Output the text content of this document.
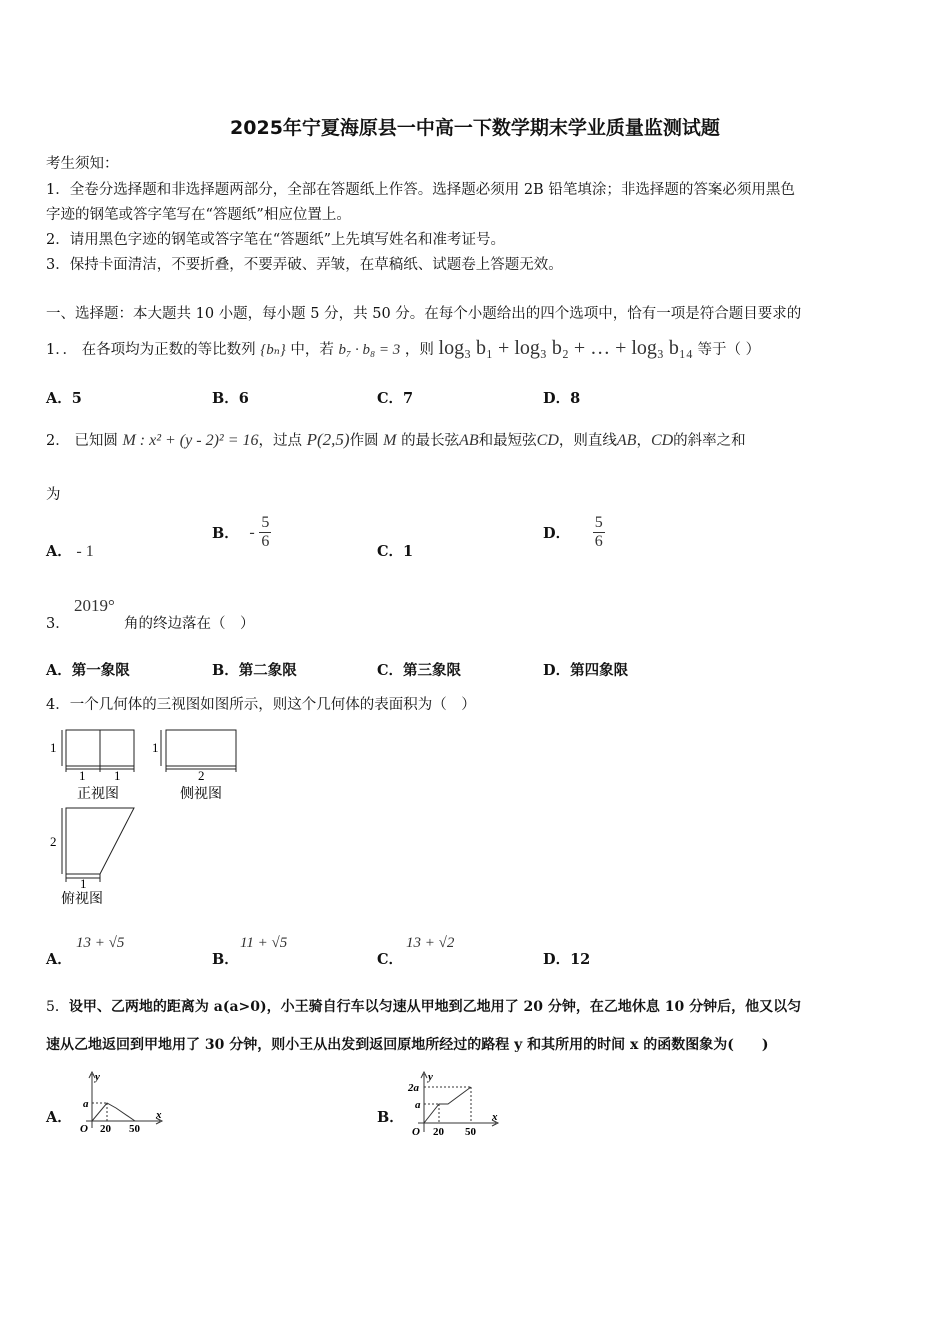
2025年宁夏海原县一中高一下数学期末学业质量监测试题
考生须知：
1．全卷分选择题和非选择题两部分，全部在答题纸上作答。选择题必须用 2B 铅笔填涂；非选择题的答案必须用黑色
字迹的钢笔或答字笔写在“答题纸”相应位置上。
2．请用黑色字迹的钢笔或答字笔在“答题纸”上先填写姓名和准考证号。
3．保持卡面清洁，不要折叠，不要弄破、弄皱，在草稿纸、试题卷上答题无效。
一、选择题：本大题共 10 小题，每小题 5 分，共 50 分。在每个小题给出的四个选项中，恰有一项是符合题目要求的
1．． 在各项均为正数的等比数列 {bₙ} 中，若 b₇ · b₈ = 3 ，则 log₃ b₁ + log₃ b₂ + … + log₃ b₁₄ 等于（ ）
A．5	B．6	C．7	D．8
2． 已知圆 M : x² + (y - 2)² = 16，过点 P(2,5)作圆 M 的最长弦AB和最短弦CD，则直线AB，CD的斜率之和
为
A． - 1
B． - $\frac{5}{6}$
C．1
D． $\frac{5}{6}$
3．
2019°
角的终边落在（　）
A．第一象限	B．第二象限	C．第三象限	D．第四象限
4．一个几何体的三视图如图所示，则这个几何体的表面积为（　）
1
1 1
正视图
1
2
侧视图
2
1
俯视图
A．
13 + √5
B．
11 + √5
C．
13 + √2
D．12
5．设甲、乙两地的距离为 a(a>0)，小王骑自行车以匀速从甲地到乙地用了 20 分钟，在乙地休息 10 分钟后，他又以匀
速从乙地返回到甲地用了 30 分钟，则小王从出发到返回原地所经过的路程 y 和其所用的时间 x 的函数图象为(　　)
A．
y
a
O 20 50
x	B．
y
2a
a
O 20 50
x
